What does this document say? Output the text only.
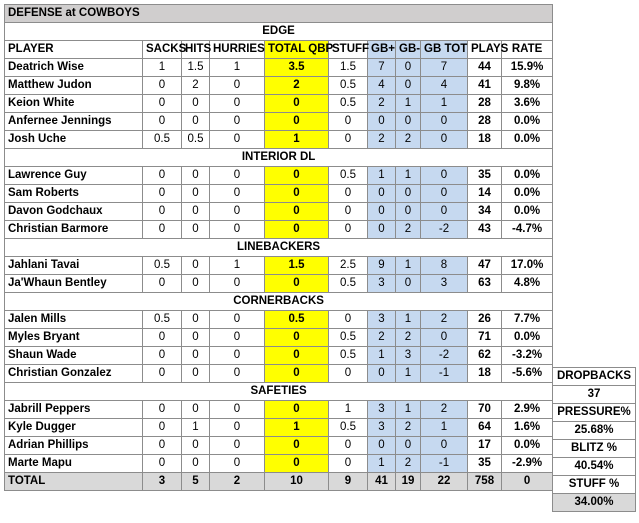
DEFENSE at COWBOYS										
EDGE										
PLAYER	SACKS	HITS	HURRIES	TOTAL QBP	STUFF	GB+	GB-	GB TOT	PLAYS	RATE
Deatrich Wise	1	1.5	1	3.5	1.5	7	0	7	44	15.9%
Matthew Judon	0	2	0	2	0.5	4	0	4	41	9.8%
Keion White	0	0	0	0	0.5	2	1	1	28	3.6%
Anfernee Jennings	0	0	0	0	0	0	0	0	28	0.0%
Josh Uche	0.5	0.5	0	1	0	2	2	0	18	0.0%
INTERIOR DL										
Lawrence Guy	0	0	0	0	0.5	1	1	0	35	0.0%
Sam Roberts	0	0	0	0	0	0	0	0	14	0.0%
Davon Godchaux	0	0	0	0	0	0	0	0	34	0.0%
Christian Barmore	0	0	0	0	0	0	2	-2	43	-4.7%
LINEBACKERS										
Jahlani Tavai	0.5	0	1	1.5	2.5	9	1	8	47	17.0%
Ja'Whaun Bentley	0	0	0	0	0.5	3	0	3	63	4.8%
CORNERBACKS										
Jalen Mills	0.5	0	0	0.5	0	3	1	2	26	7.7%
Myles Bryant	0	0	0	0	0.5	2	2	0	71	0.0%
Shaun Wade	0	0	0	0	0.5	1	3	-2	62	-3.2%
Christian Gonzalez	0	0	0	0	0	0	1	-1	18	-5.6%
SAFETIES										
Jabrill Peppers	0	0	0	0	1	3	1	2	70	2.9%
Kyle Dugger	0	1	0	1	0.5	3	2	1	64	1.6%
Adrian Phillips	0	0	0	0	0	0	0	0	17	0.0%
Marte Mapu	0	0	0	0	0	1	2	-1	35	-2.9%
TOTAL	3	5	2	10	9	41	19	22	758	0
DROPBACKS
37
PRESSURE%
25.68%
BLITZ %
40.54%
STUFF %
34.00%
